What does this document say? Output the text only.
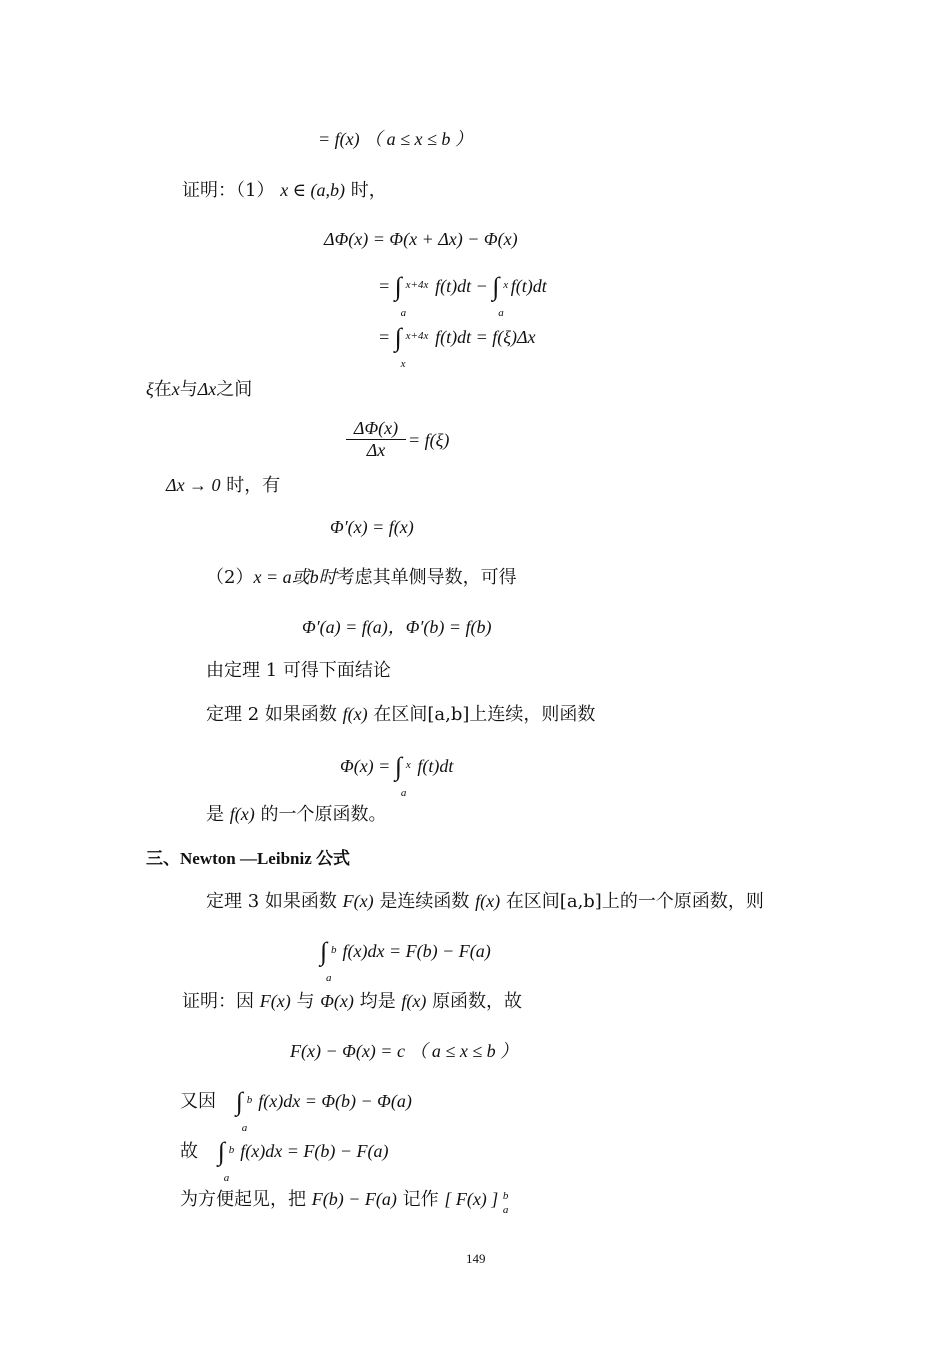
= f(x) （ a ≤ x ≤ b ）
证明：（1） x ∈ (a,b) 时，
ΔΦ(x) = Φ(x + Δx) − Φ(x)
= ∫ x+4x
a
f(t)dt − ∫ x
a
f(t)dt
= ∫ x+4x
x
f(t)dt = f(ξ)Δx
ξ在x与Δx之间
ΔΦ(x)
Δx	= f(ξ)
Δx → 0 时，有
Φ′(x) = f(x)
（2）x = a或b时考虑其单侧导数，可得
Φ′(a) = f(a)，Φ′(b) = f(b)
由定理 1 可得下面结论
定理 2 如果函数 f(x) 在区间[a,b]上连续，则函数
Φ(x) = ∫ x
a
f(t)dt
是 f(x) 的一个原函数。
三、Newton —Leibniz 公式
定理 3 如果函数 F(x) 是连续函数 f(x) 在区间[a,b]上的一个原函数，则
∫ b
a
f(x)dx = F(b) − F(a)
证明：因 F(x) 与 Φ(x) 均是 f(x) 原函数，故
F(x) − Φ(x) = c （ a ≤ x ≤ b ）
又因 ∫ b
a
f(x)dx = Φ(b) − Φ(a)
故 ∫ b
a
f(x)dx = F(b) − F(a)
为方便起见，把 F(b) − F(a) 记作 [ F(x) ] b
a
149
